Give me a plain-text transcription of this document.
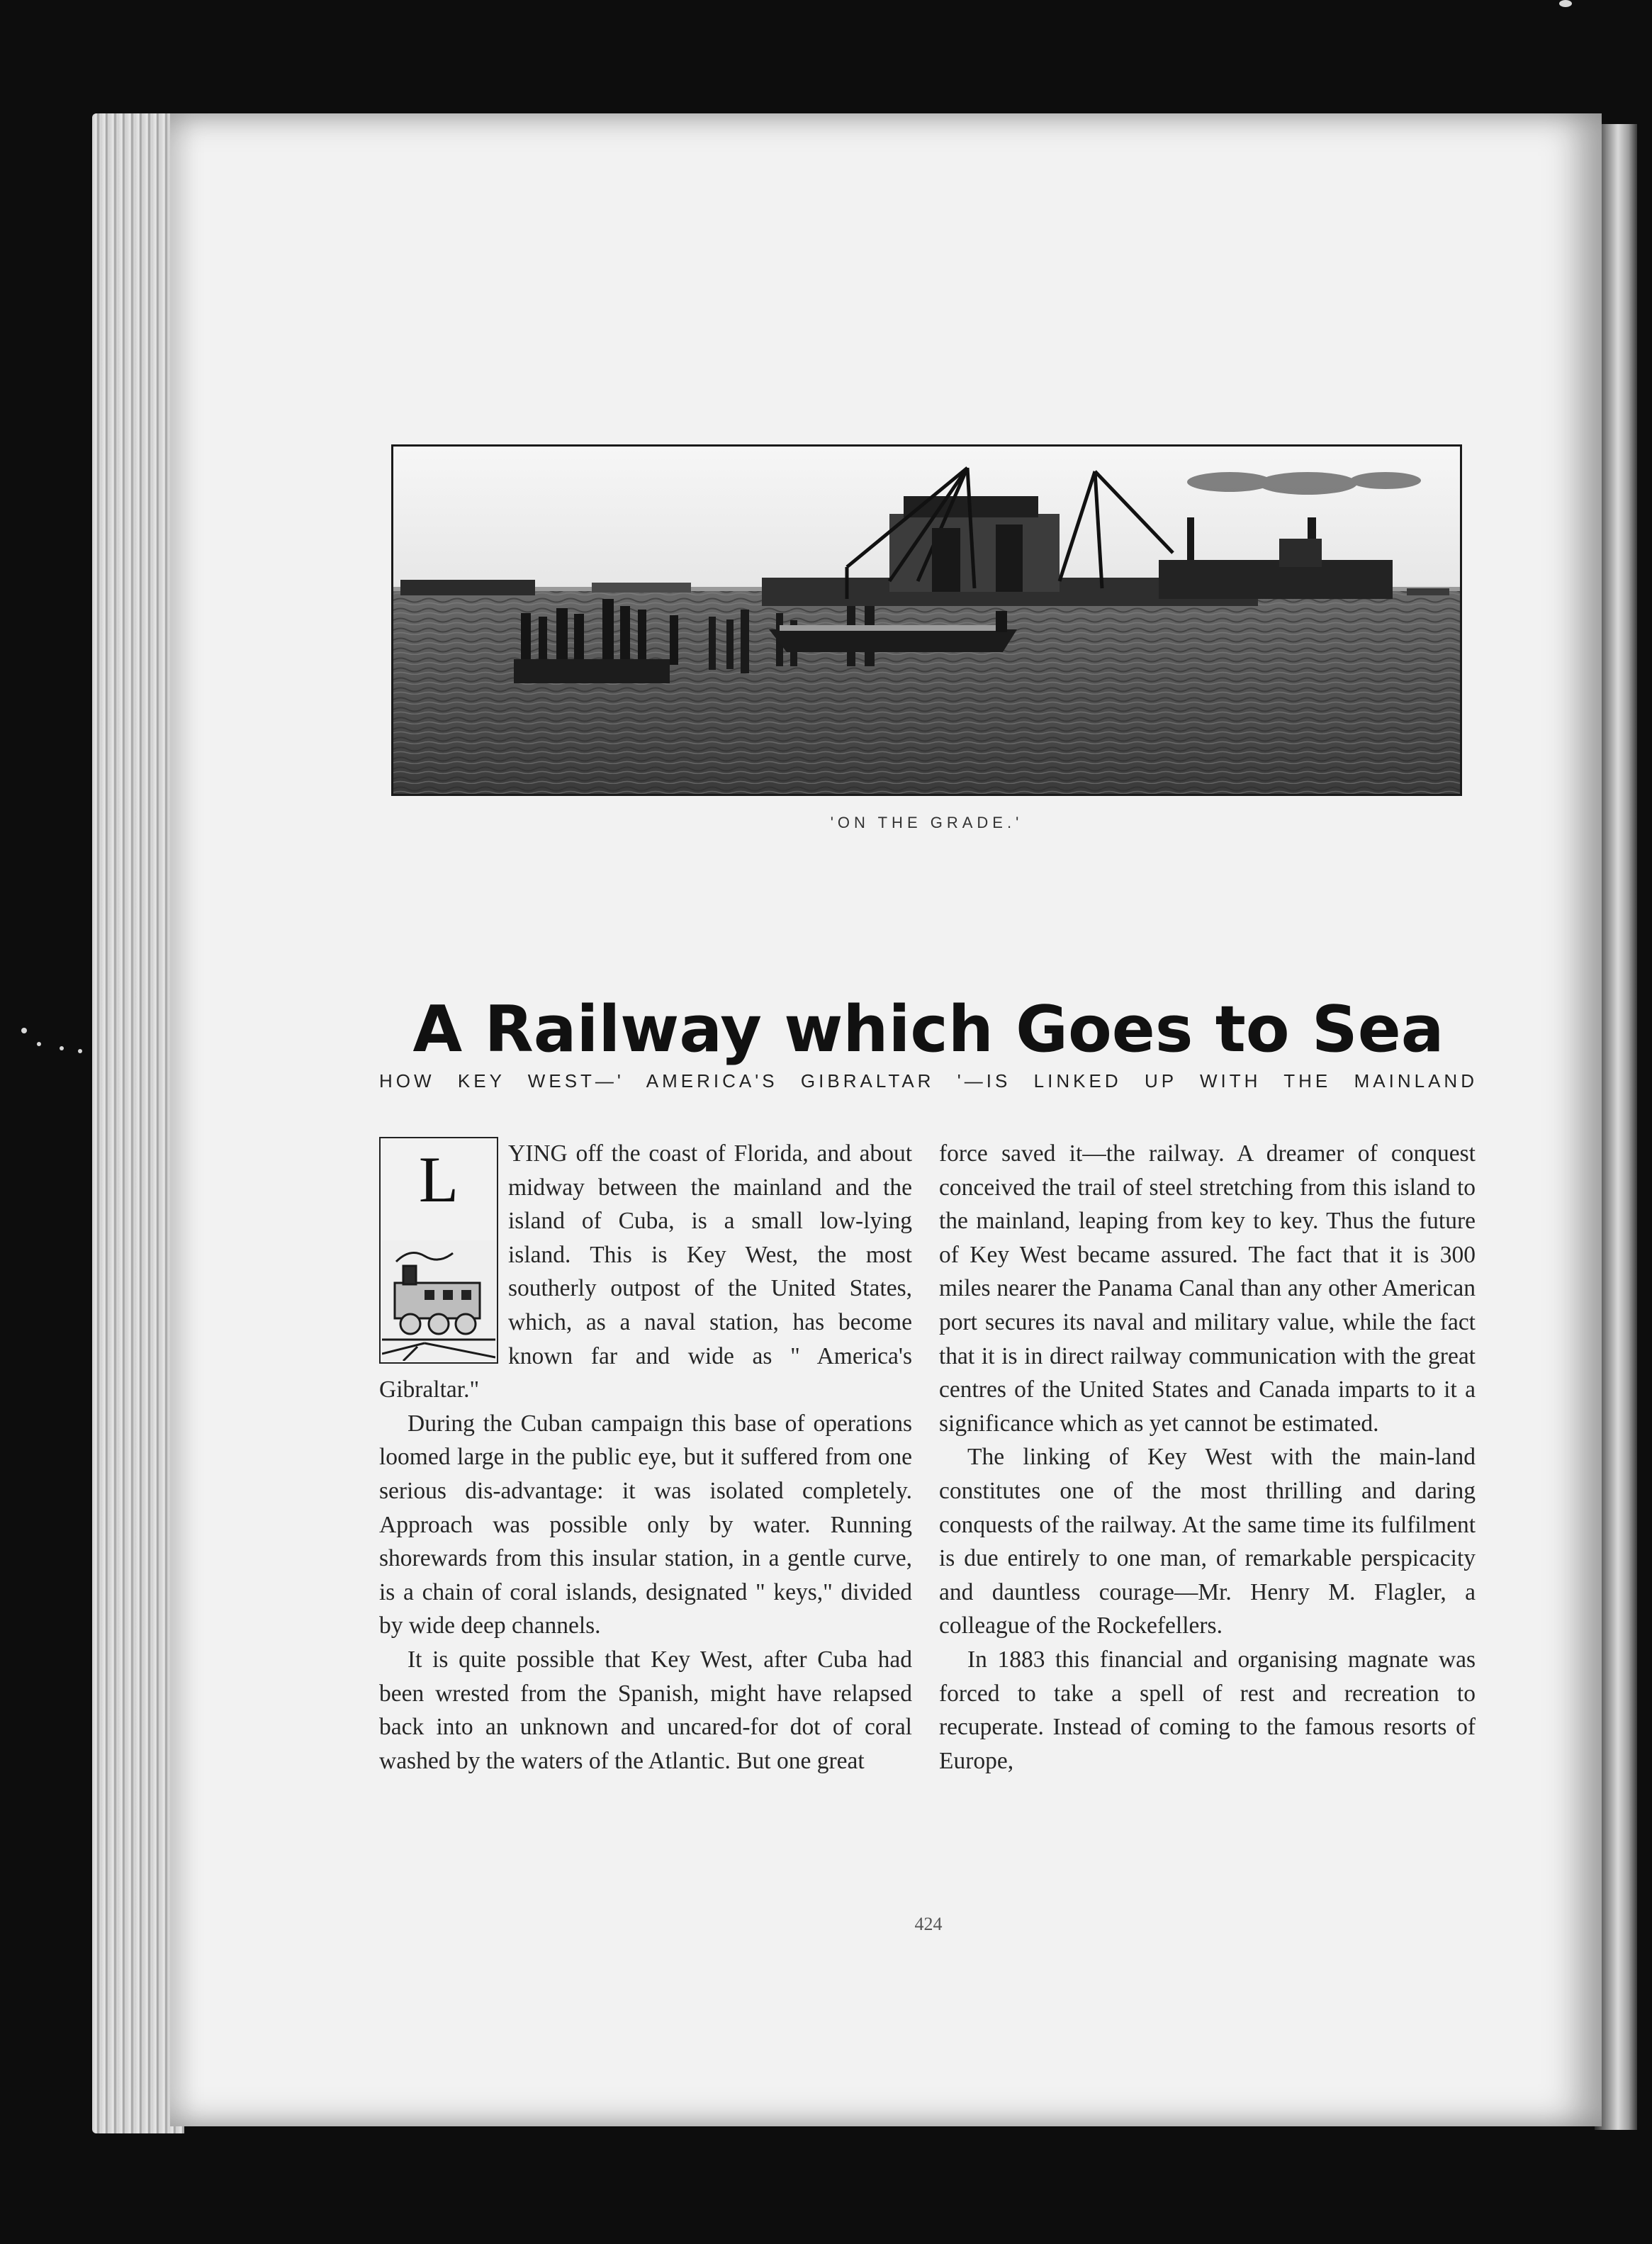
'ON THE GRADE.'
A Railway which Goes to Sea
HOW KEY WEST—' AMERICA'S GIBRALTAR '—IS LINKED UP WITH THE MAINLAND
L	YING off the coast of Florida, and about midway between the mainland and the island of Cuba, is a small low-lying island. This is Key West, the most southerly outpost of the United States, which, as a naval station, has become known far and wide as " America's Gibraltar."

During the Cuban campaign this base of operations loomed large in the public eye, but it suffered from one serious dis-advantage: it was isolated completely. Approach was possible only by water. Running shorewards from this insular station, in a gentle curve, is a chain of coral islands, designated " keys," divided by wide deep channels.

It is quite possible that Key West, after Cuba had been wrested from the Spanish, might have relapsed back into an unknown and uncared-for dot of coral washed by the waters of the Atlantic. But one great

force saved it—the railway. A dreamer of conquest conceived the trail of steel stretching from this island to the mainland, leaping from key to key. Thus the future of Key West became assured. The fact that it is 300 miles nearer the Panama Canal than any other American port secures its naval and military value, while the fact that it is in direct railway communication with the great centres of the United States and Canada imparts to it a significance which as yet cannot be estimated.

The linking of Key West with the main-land constitutes one of the most thrilling and daring conquests of the railway. At the same time its fulfilment is due entirely to one man, of remarkable perspicacity and dauntless courage—Mr. Henry M. Flagler, a colleague of the Rockefellers.

In 1883 this financial and organising magnate was forced to take a spell of rest and recreation to recuperate. Instead of coming to the famous resorts of Europe,

424
